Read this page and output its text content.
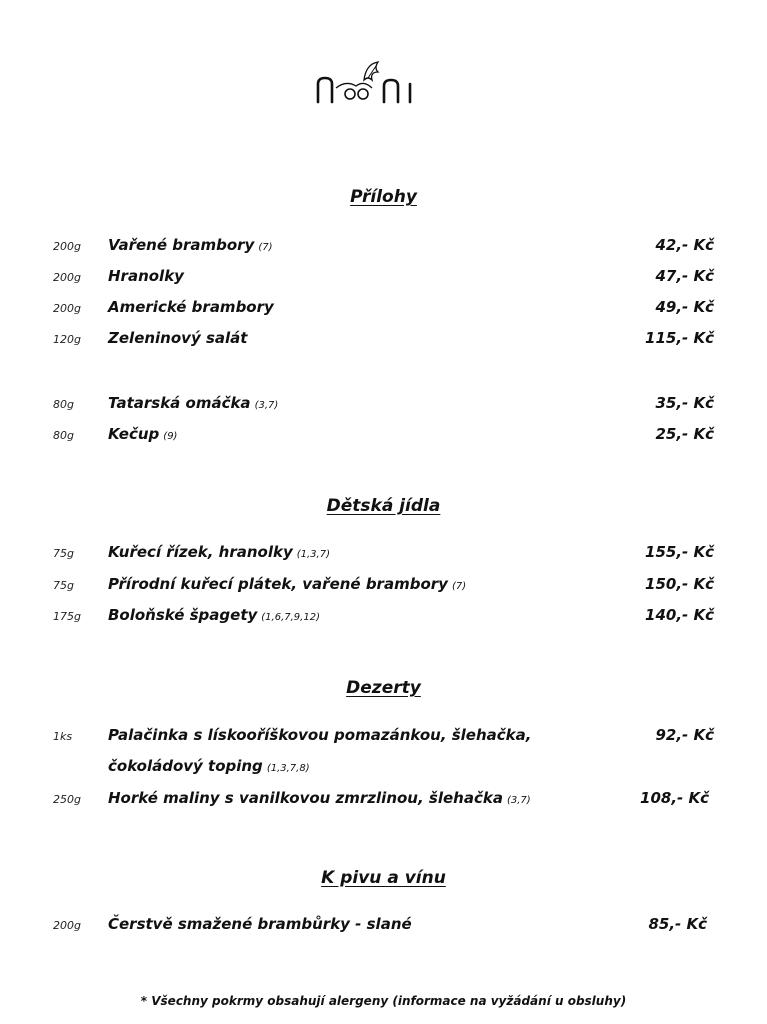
Přílohy
200g Vařené brambory (7)	42,- Kč
200g Hranolky	47,- Kč
200g Americké brambory	49,- Kč
120g Zeleninový salát	115,- Kč
80g Tatarská omáčka (3,7)	35,- Kč
80g Kečup (9)	25,- Kč
Dětská jídla
75g Kuřecí řízek, hranolky (1,3,7)	155,- Kč
75g Přírodní kuřecí plátek, vařené brambory (7)	150,- Kč
175g Boloňské špagety (1,6,7,9,12)	140,- Kč
Dezerty
1ks Palačinka s lískooříškovou pomazánkou, šlehačka,	92,- Kč
čokoládový toping (1,3,7,8)
250g Horké maliny s vanilkovou zmrzlinou, šlehačka (3,7)	108,- Kč
K pivu a vínu
200g Čerstvě smažené brambůrky - slané	85,- Kč
* Všechny pokrmy obsahují alergeny (informace na vyžádání u obsluhy)
